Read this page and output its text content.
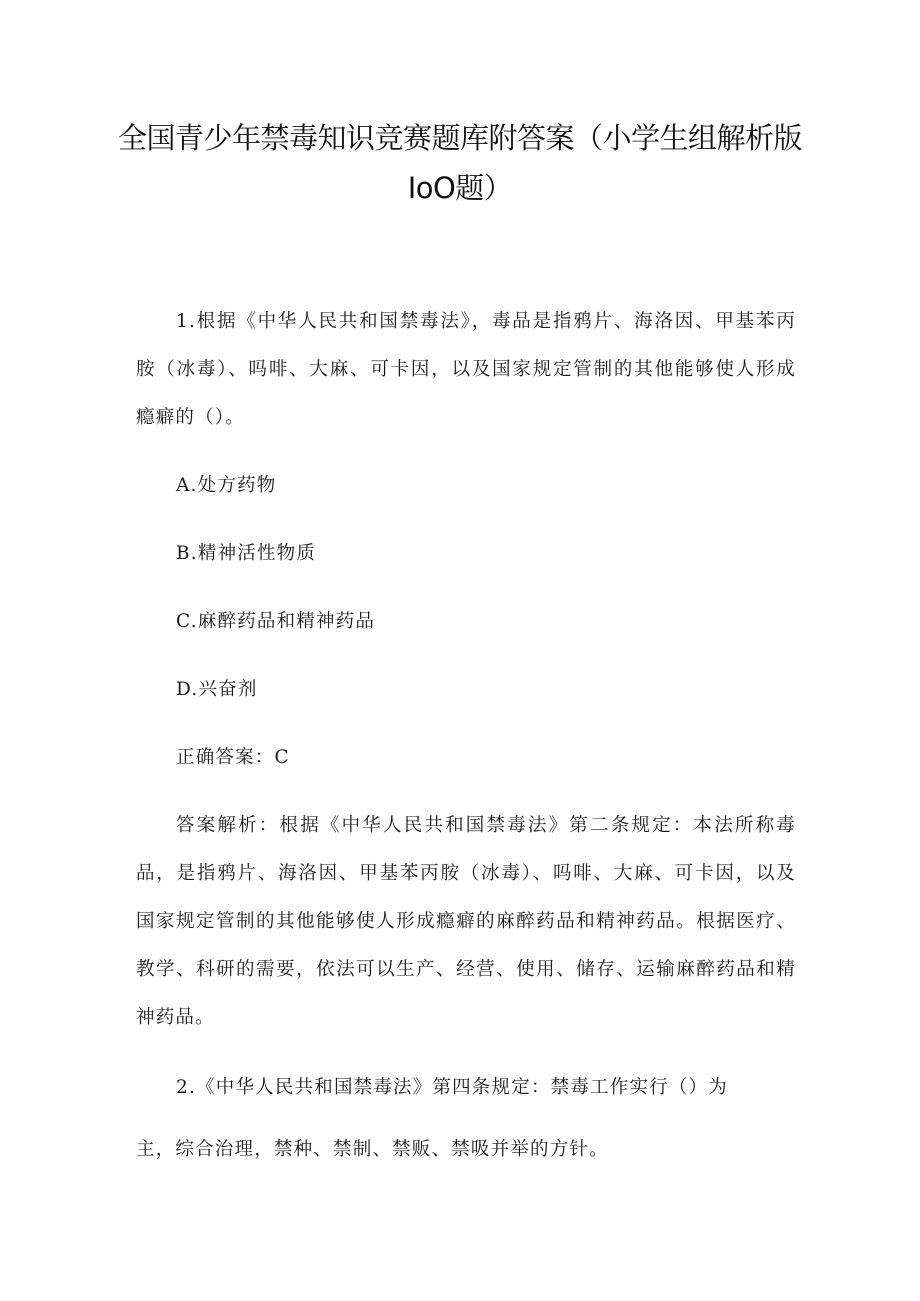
全国青少年禁毒知识竞赛题库附答案（小学生组解析版
IoO题）

1.根据《中华人民共和国禁毒法》，毒品是指鸦片、海洛因、甲基苯丙胺（冰毒）、吗啡、大麻、可卡因，以及国家规定管制的其他能够使人形成瘾癖的（）。

A.处方药物

B.精神活性物质

C.麻醉药品和精神药品

D.兴奋剂

正确答案：C

答案解析：根据《中华人民共和国禁毒法》第二条规定：本法所称毒品，是指鸦片、海洛因、甲基苯丙胺（冰毒）、吗啡、大麻、可卡因，以及国家规定管制的其他能够使人形成瘾癖的麻醉药品和精神药品。根据医疗、教学、科研的需要，依法可以生产、经营、使用、储存、运输麻醉药品和精神药品。

2.《中华人民共和国禁毒法》第四条规定：禁毒工作实行（）为

主，综合治理，禁种、禁制、禁贩、禁吸并举的方针。
